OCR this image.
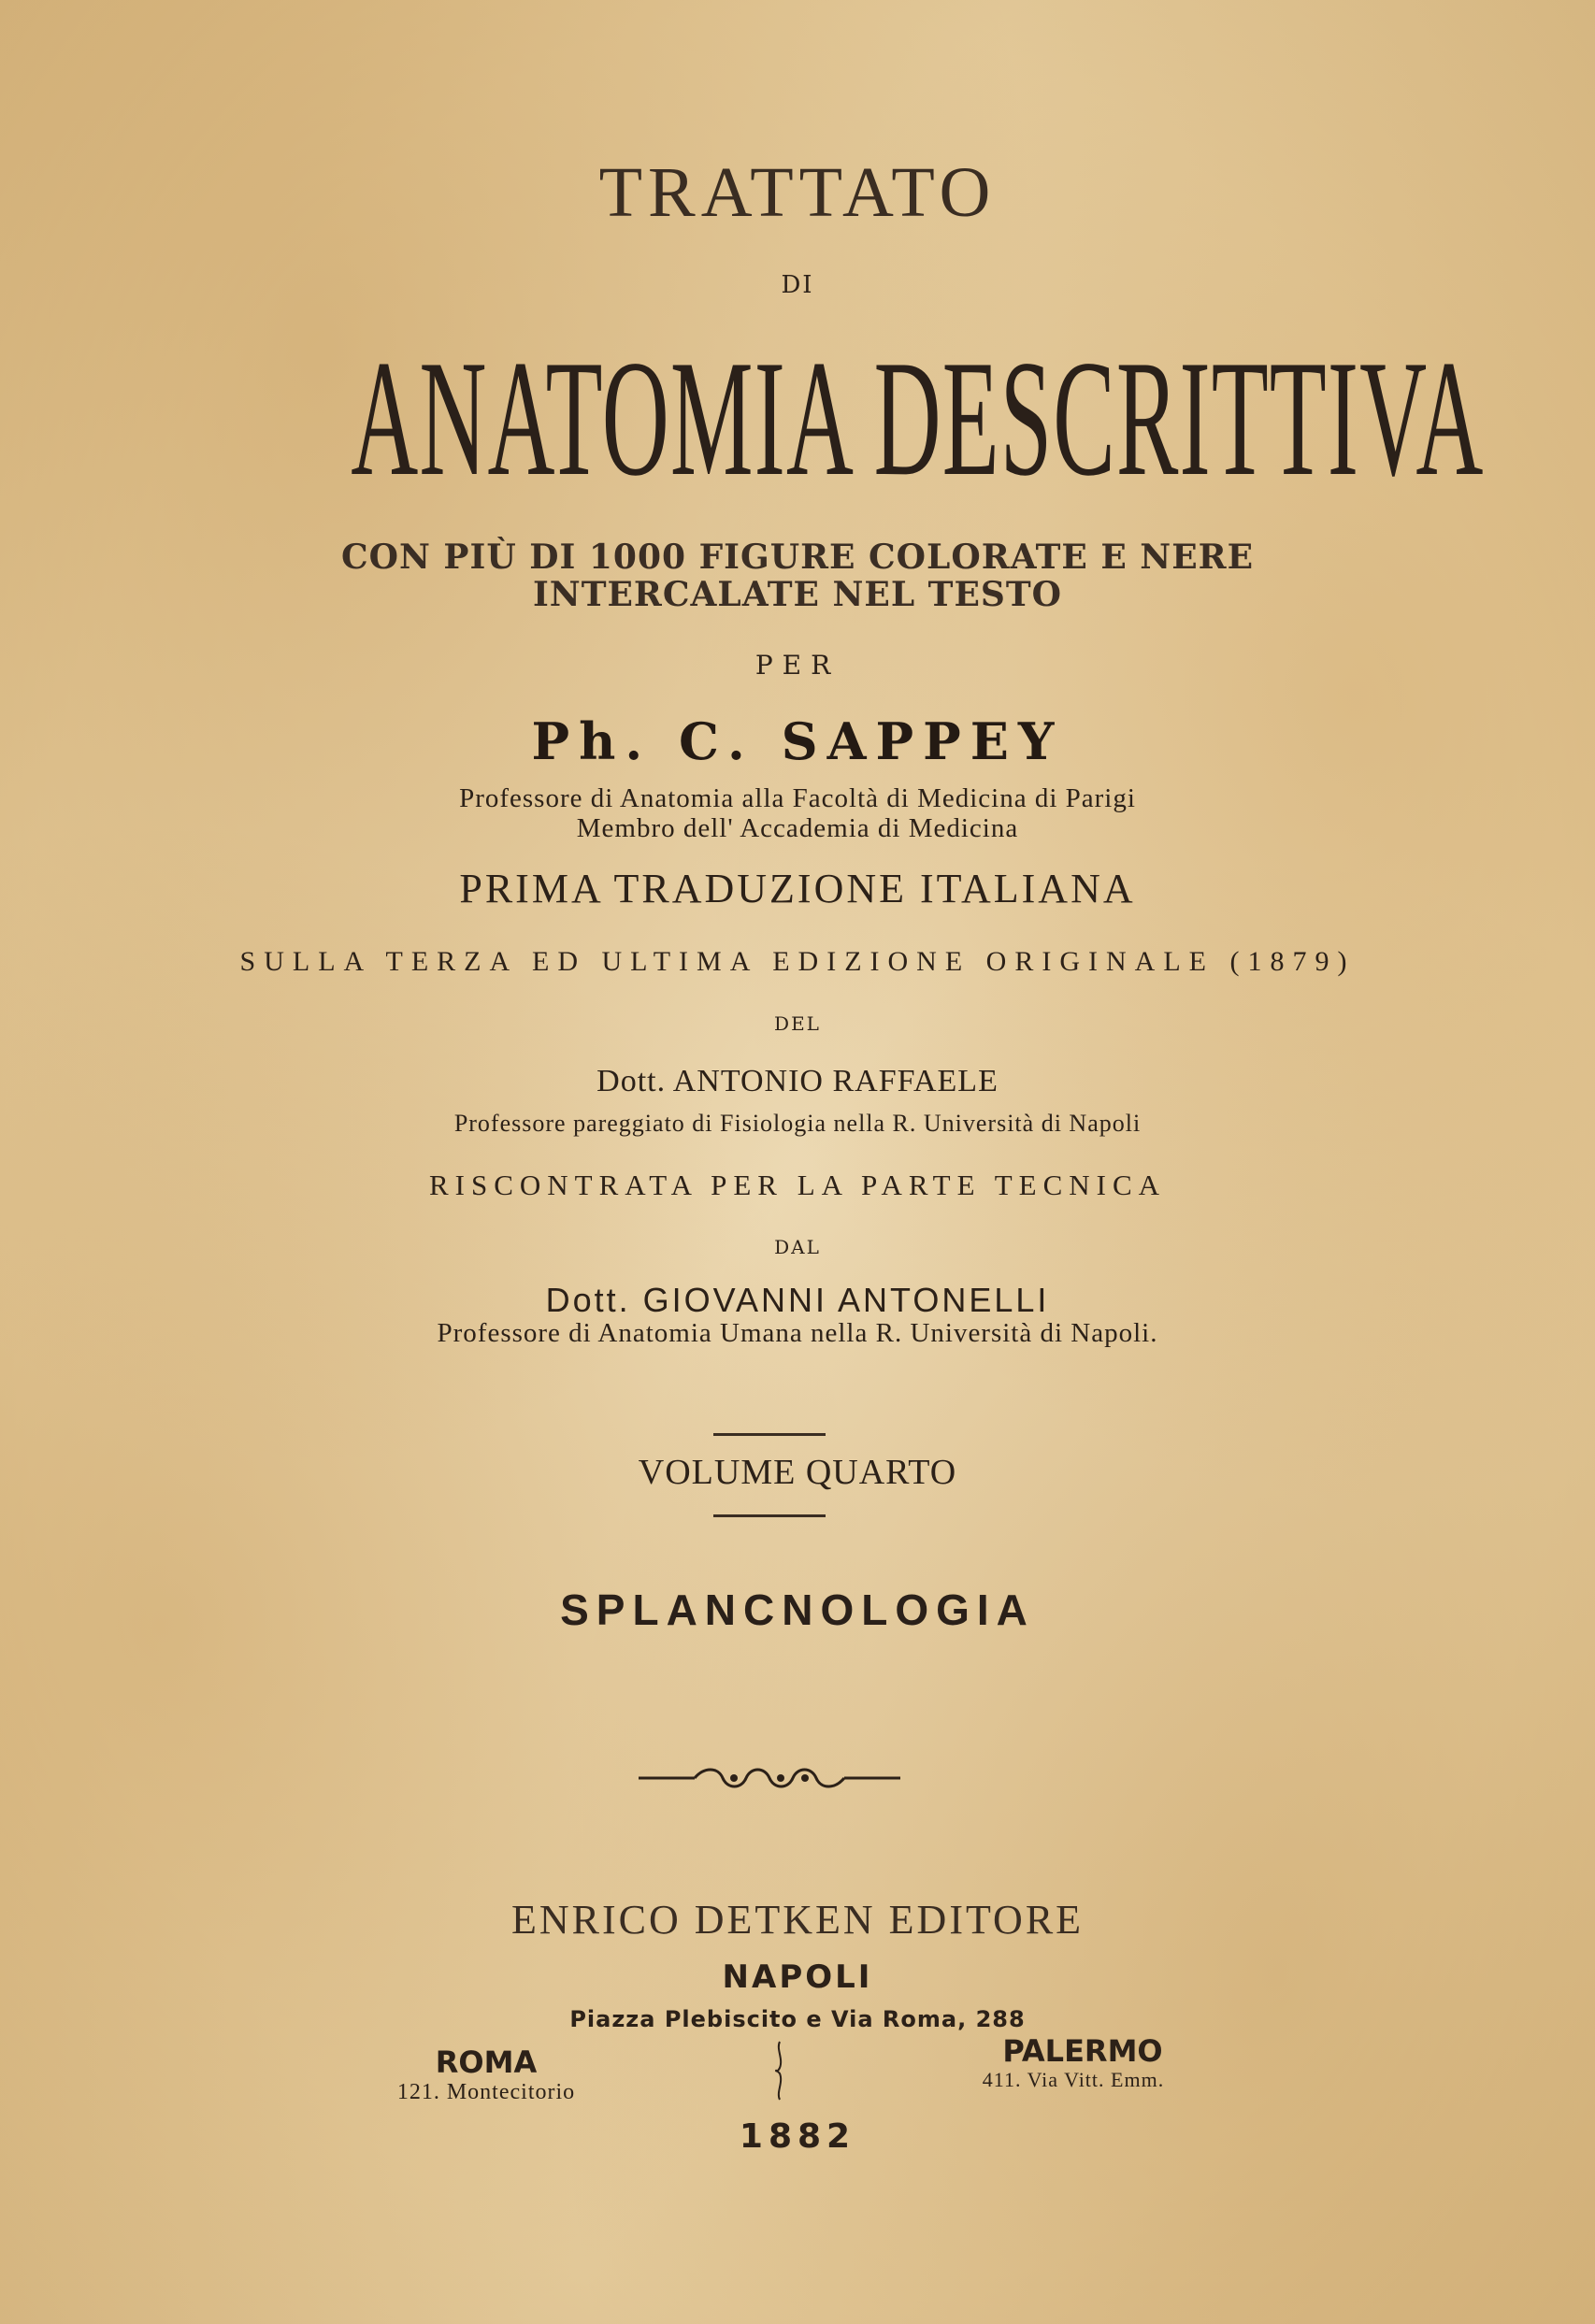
TRATTATO
DI
ANATOMIA DESCRITTIVA
CON PIÙ DI 1000 FIGURE COLORATE E NERE
INTERCALATE NEL TESTO
PER
Ph. C. SAPPEY
Professore di Anatomia alla Facoltà di Medicina di Parigi
Membro dell' Accademia di Medicina
PRIMA TRADUZIONE ITALIANA
SULLA TERZA ED ULTIMA EDIZIONE ORIGINALE (1879)
DEL
Dott. ANTONIO RAFFAELE
Professore pareggiato di Fisiologia nella R. Università di Napoli
RISCONTRATA PER LA PARTE TECNICA
DAL
Dott. GIOVANNI ANTONELLI
Professore di Anatomia Umana nella R. Università di Napoli.
VOLUME QUARTO
SPLANCNOLOGIA
ENRICO DETKEN EDITORE
NAPOLI
Piazza Plebiscito e Via Roma, 288
ROMA
121. Montecitorio
PALERMO
411. Via Vitt. Emm.
1882
